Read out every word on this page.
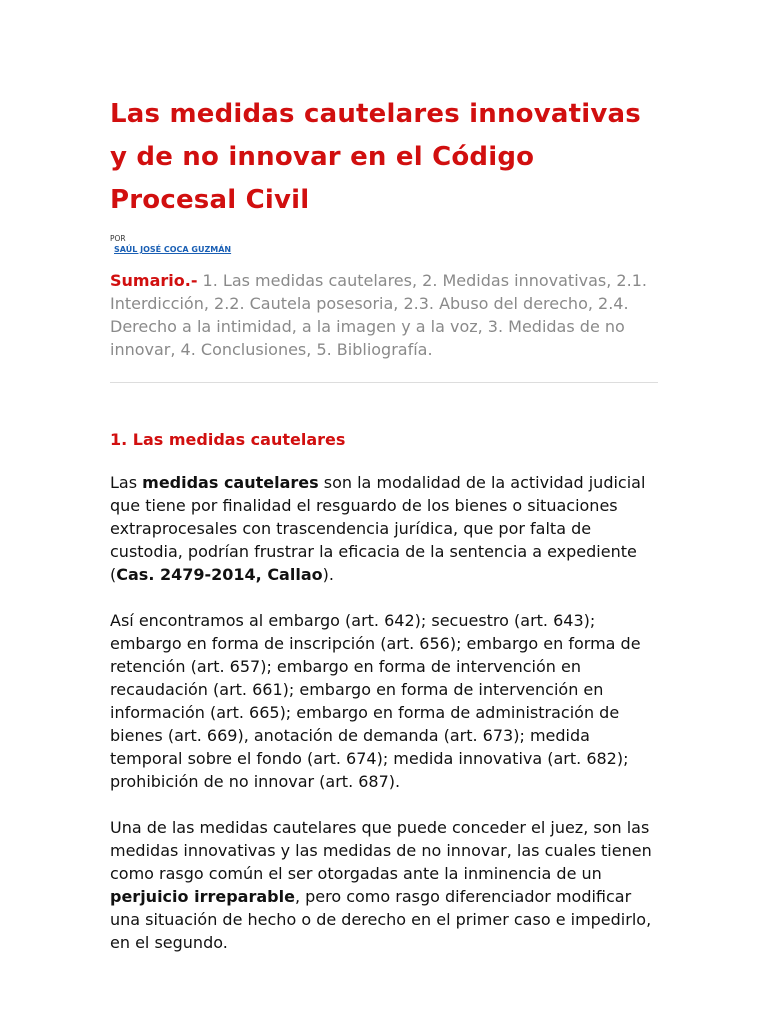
Las medidas cautelares innovativas y de no innovar en el Código Procesal Civil
POR
SAÚL JOSÉ COCA GUZMÁN

Sumario.- 1. Las medidas cautelares, 2. Medidas innovativas, 2.1. Interdicción, 2.2. Cautela posesoria, 2.3. Abuso del derecho, 2.4. Derecho a la intimidad, a la imagen y a la voz, 3. Medidas de no innovar, 4. Conclusiones, 5. Bibliografía.

1. Las medidas cautelares

Las medidas cautelares son la modalidad de la actividad judicial que tiene por finalidad el resguardo de los bienes o situaciones extraprocesales con trascendencia jurídica, que por falta de custodia, podrían frustrar la eficacia de la sentencia a expediente (Cas. 2479-2014, Callao).

Así encontramos al embargo (art. 642); secuestro (art. 643); embargo en forma de inscripción (art. 656); embargo en forma de retención (art. 657); embargo en forma de intervención en recaudación (art. 661); embargo en forma de intervención en información (art. 665); embargo en forma de administración de bienes (art. 669), anotación de demanda (art. 673); medida temporal sobre el fondo (art. 674); medida innovativa (art. 682); prohibición de no innovar (art. 687).

Una de las medidas cautelares que puede conceder el juez, son las medidas innovativas y las medidas de no innovar, las cuales tienen como rasgo común el ser otorgadas ante la inminencia de un perjuicio irreparable, pero como rasgo diferenciador modificar una situación de hecho o de derecho en el primer caso e impedirlo, en el segundo.
